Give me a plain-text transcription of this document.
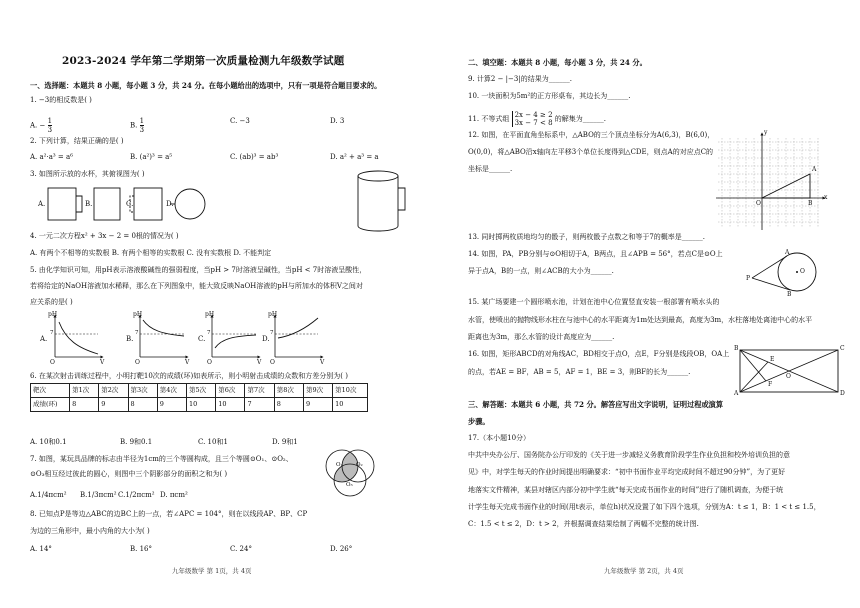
2023-2024 学年第二学期第一次质量检测九年级数学试题
一、选择题：本题共 8 小题，每小题 3 分，共 24 分。在每小题给出的选项中，只有一项是符合题目要求的。
1. −3的相反数是( )
A. − $\frac{1}{3}$	B. $\frac{1}{3}$	C. −3	D. 3
2. 下列计算，结果正确的是( )
A. a²·a³ = a⁶	B. (a²)³ = a⁵	C. (ab)³ = ab³	D. a² + a³ = a
3. 如图所示放的水杯，其俯视图为( )
A.	B.	C.	D.
4. 一元二次方程x² + 3x − 2 = 0根的情况为( )
A. 有两个不相等的实数根 B. 有两个相等的实数根 C. 没有实数根 D. 不能判定
5. 由化学知识可知，用pH表示溶液酸碱性的强弱程度，当pH > 7时溶液呈碱性，当pH < 7时溶液呈酸性，
若将给定的NaOH溶液加水稀释，那么在下列图象中，能大致反映NaOH溶液的pH与所加水的体积V之间对
应关系的是( )
A.	B.	C.	D.
pH	pH	pH	pH
V	V	V	V
O	O	O	O
7	7	7	7
6. 在某次射击训练过程中，小明打靶10次的成绩(环)如表所示，则小明射击成绩的众数和方差分别为( )
靶次	第1次	第2次	第3次	第4次	第5次	第6次	第7次	第8次	第9次	第10次
成绩(环)	8	9	8	9	10	10	7	8	9	10
A. 10和0.1	B. 9和0.1	C. 10和1	D. 9和1
7. 如图，某玩具品牌的标志由半径为1cm的三个等圆构成，且三个等圆⊙O₁、⊙O₂、
⊙O₃相互经过彼此的圆心，则图中三个阴影部分的面积之和为( )
A.1/4πcm² B.1/3πcm² C.1/2πcm² D. πcm²
O₁ O₂
O₃
8. 已知点P是等边△ABC的边BC上的一点，若∠APC = 104°，则在以线段AP、BP、CP
为边的三角形中，最小内角的大小为( )
A. 14°	B. 16°	C. 24°	D. 26°
九年级数学 第 1页，共 4页
二、填空题：本题共 8 小题，每小题 3 分，共 24 分。
9. 计算2 − |−3|的结果为______.
10. 一块面积为5m²的正方形桌布，其边长为______.
11. 不等式组 2x − 4 ≥ 2
3x − 7 < 8 的解集为______.
12. 如图，在平面直角坐标系中，△ABO的三个顶点坐标分为A(6,3)，B(6,0)，
O(0,0)，将△ABO沿x轴向左平移3个单位长度得到△CDE，则点A的对应点C的
坐标是______.	A
B
O
x
y
13. 同时掷两枚质地均匀的骰子，则两枚骰子点数之和等于7的概率是______.
14. 如图，PA，PB分别与⊙O相切于A，B两点，且∠APB = 56°，若点C是⊙O上
异于点A，B的一点，则∠ACB的大小为______.
P
A
B
O
15. 某广场要建一个圆形喷水池，计划在池中心位置竖直安装一根部署有喷水头的
水管，使喷出的抛物线形水柱在与池中心的水平距离为1m处达到最高，高度为3m，水柱落地处离池中心的水平
距离也为3m，那么水管的设计高度应为______.
16. 如图，矩形ABCD的对角线AC，BD相交于点O，点E，F分别是线段OB，OA上
的点，若AE = BF，AB = 5，AF = 1，BE = 3，则BF的长为______.
B	C
A	D
O
E
F
三、解答题：本题共 6 小题，共 72 分。解答应写出文字说明，证明过程或演算
步骤。
17.（本小题10分）
中共中央办公厅、国务院办公厅印发的《关于进一步减轻义务教育阶段学生作业负担和校外培训负担的意
见》中，对学生每天的作业时间提出明确要求：“初中书面作业平均完成时间不超过90分钟”，为了更好
地落实文件精神，某县对辖区内部分初中学生就“每天完成书面作业的时间”进行了随机调查，为便于统
计学生每天完成书面作业的时间(用t表示，单位h)状况设置了如下四个选项，分别为A：t ≤ 1，B：1 < t ≤ 1.5，
C：1.5 < t ≤ 2，D：t > 2，并根据调查结果绘制了两幅不完整的统计图.
九年级数学 第 2页，共 4页
